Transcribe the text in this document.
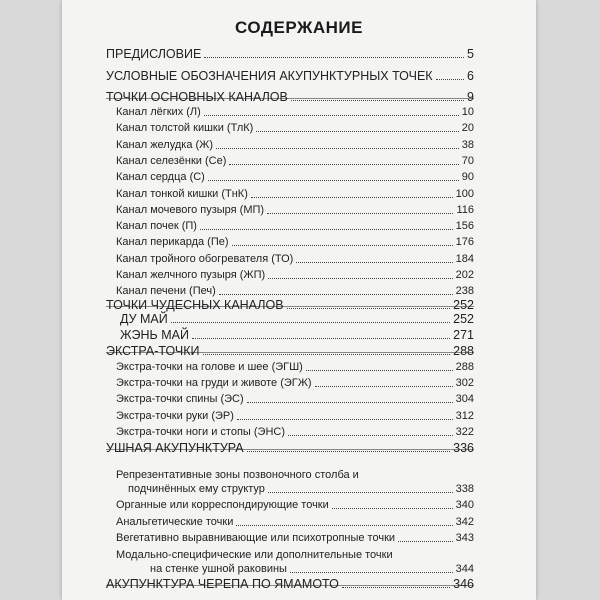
СОДЕРЖАНИЕ
ПРЕДИСЛОВИЕ	5
УСЛОВНЫЕ ОБОЗНАЧЕНИЯ АКУПУНКТУРНЫХ ТОЧЕК	6
ТОЧКИ ОСНОВНЫХ КАНАЛОВ	9
Канал лёгких (Л)	10
Канал толстой кишки (ТлК)	20
Канал желудка (Ж)	38
Канал селезёнки (Се)	70
Канал сердца (С)	90
Канал тонкой кишки (ТнК)	100
Канал мочевого пузыря (МП)	116
Канал почек (П)	156
Канал перикарда (Пе)	176
Канал тройного обогревателя (ТО)	184
Канал желчного пузыря (ЖП)	202
Канал печени (Печ)	238
ТОЧКИ ЧУДЕСНЫХ КАНАЛОВ	252
ДУ МАЙ	252
ЖЭНЬ МАЙ	271
ЭКСТРА-ТОЧКИ	288
Экстра-точки на голове и шее (ЭГШ)	288
Экстра-точки на груди и животе (ЭГЖ)	302
Экстра-точки спины (ЭС)	304
Экстра-точки руки (ЭР)	312
Экстра-точки ноги и стопы (ЭНС)	322
УШНАЯ АКУПУНКТУРА	336
Репрезентативные зоны позвоночного столба и
подчинённых ему структур	338
Органные или корреспондирующие точки	340
Анальгетические точки	342
Вегетативно выравнивающие или психотропные точки	343
Модально-специфические или дополнительные точки
на стенке ушной раковины	344
АКУПУНКТУРА ЧЕРЕПА ПО ЯМАМОТО	346
